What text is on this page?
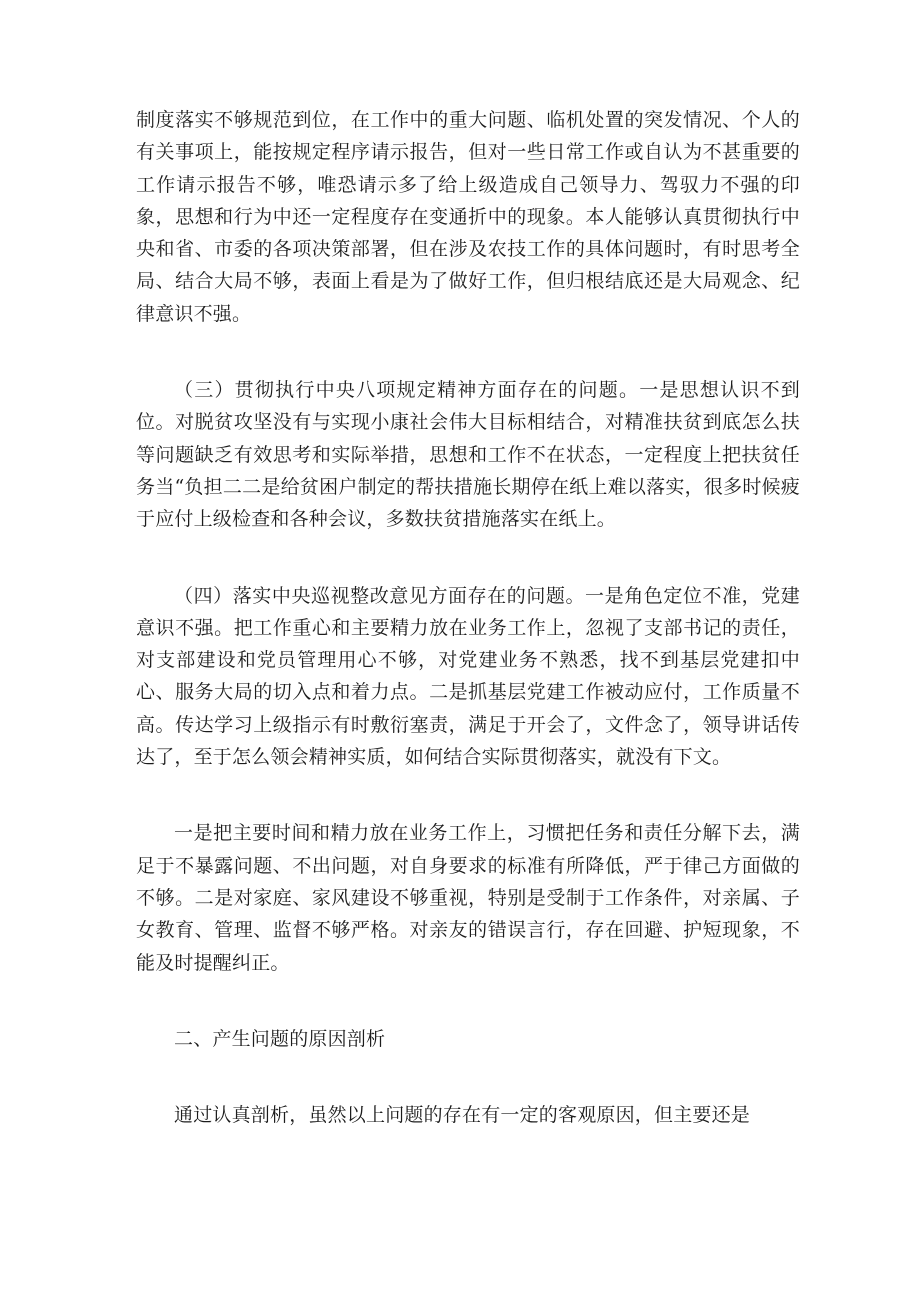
制度落实不够规范到位，在工作中的重大问题、临机处置的突发情况、个人的有关事项上，能按规定程序请示报告，但对一些日常工作或自认为不甚重要的工作请示报告不够，唯恐请示多了给上级造成自己领导力、驾驭力不强的印象，思想和行为中还一定程度存在变通折中的现象。本人能够认真贯彻执行中央和省、市委的各项决策部署，但在涉及农技工作的具体问题时，有时思考全局、结合大局不够，表面上看是为了做好工作，但归根结底还是大局观念、纪律意识不强。

（三）贯彻执行中央八项规定精神方面存在的问题。一是思想认识不到位。对脱贫攻坚没有与实现小康社会伟大目标相结合，对精准扶贫到底怎么扶等问题缺乏有效思考和实际举措，思想和工作不在状态，一定程度上把扶贫任务当“负担二二是给贫困户制定的帮扶措施长期停在纸上难以落实，很多时候疲于应付上级检查和各种会议，多数扶贫措施落实在纸上。

（四）落实中央巡视整改意见方面存在的问题。一是角色定位不准，党建意识不强。把工作重心和主要精力放在业务工作上，忽视了支部书记的责任，对支部建设和党员管理用心不够，对党建业务不熟悉，找不到基层党建扣中心、服务大局的切入点和着力点。二是抓基层党建工作被动应付，工作质量不高。传达学习上级指示有时敷衍塞责，满足于开会了，文件念了，领导讲话传达了，至于怎么领会精神实质，如何结合实际贯彻落实，就没有下文。

一是把主要时间和精力放在业务工作上，习惯把任务和责任分解下去，满足于不暴露问题、不出问题，对自身要求的标准有所降低，严于律己方面做的不够。二是对家庭、家风建设不够重视，特别是受制于工作条件，对亲属、子女教育、管理、监督不够严格。对亲友的错误言行，存在回避、护短现象，不能及时提醒纠正。

二、产生问题的原因剖析

通过认真剖析，虽然以上问题的存在有一定的客观原因，但主要还是
